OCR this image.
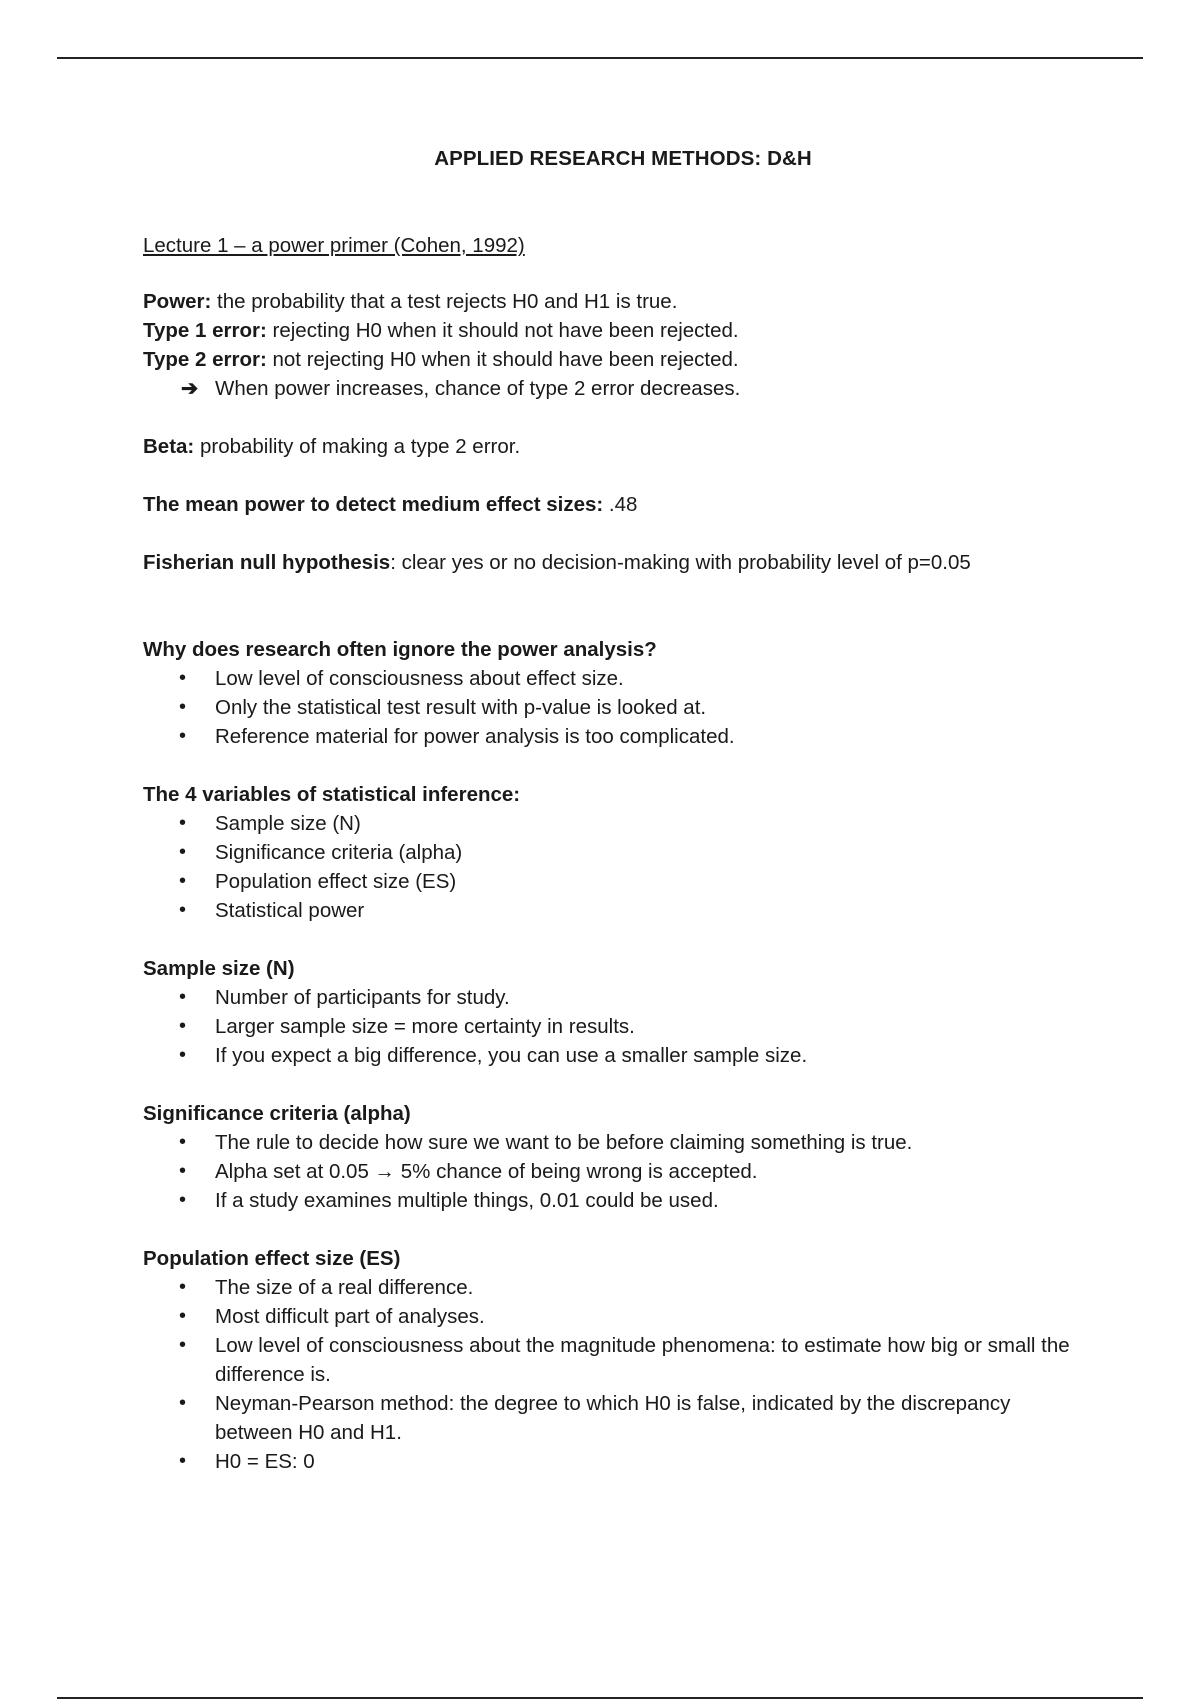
APPLIED RESEARCH METHODS: D&H
Lecture 1 – a power primer (Cohen, 1992)

Power: the probability that a test rejects H0 and H1 is true.

Type 1 error: rejecting H0 when it should not have been rejected.

Type 2 error: not rejecting H0 when it should have been rejected.

➔ When power increases, chance of type 2 error decreases.

Beta: probability of making a type 2 error.

The mean power to detect medium effect sizes: .48

Fisherian null hypothesis: clear yes or no decision-making with probability level of p=0.05

Why does research often ignore the power analysis?
• Low level of consciousness about effect size.
• Only the statistical test result with p-value is looked at.
• Reference material for power analysis is too complicated.
The 4 variables of statistical inference:
• Sample size (N)
• Significance criteria (alpha)
• Population effect size (ES)
• Statistical power
Sample size (N)
• Number of participants for study.
• Larger sample size = more certainty in results.
• If you expect a big difference, you can use a smaller sample size.
Significance criteria (alpha)
• The rule to decide how sure we want to be before claiming something is true.
• Alpha set at 0.05 → 5% chance of being wrong is accepted.
• If a study examines multiple things, 0.01 could be used.
Population effect size (ES)
• The size of a real difference.
• Most difficult part of analyses.
• Low level of consciousness about the magnitude phenomena: to estimate how big or small the difference is.
• Neyman-Pearson method: the degree to which H0 is false, indicated by the discrepancy between H0 and H1.
• H0 = ES: 0
